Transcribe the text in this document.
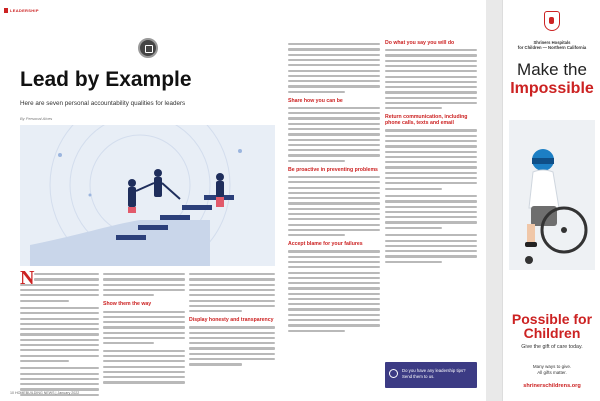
LEADERSHIP
Lead by Example
Here are seven personal accountability qualities for leaders
By Personal Alves
N
Show them the way
Display honesty and transparency
Share how you can be
Be proactive in preventing problems
Accept blame for your failures
Do what you say you will do
Return communication, including phone calls, texts and email
Do you have any leadership tips? Send them to us.
10 HOMEBUILDING NEWS | January 2022
Shriners Hospitals
for Children — Northern California
Make the
Impossible
Possible for Children
Give the gift of care today.
Many ways to give.
All gifts matter.
shrinerschildrens.org
